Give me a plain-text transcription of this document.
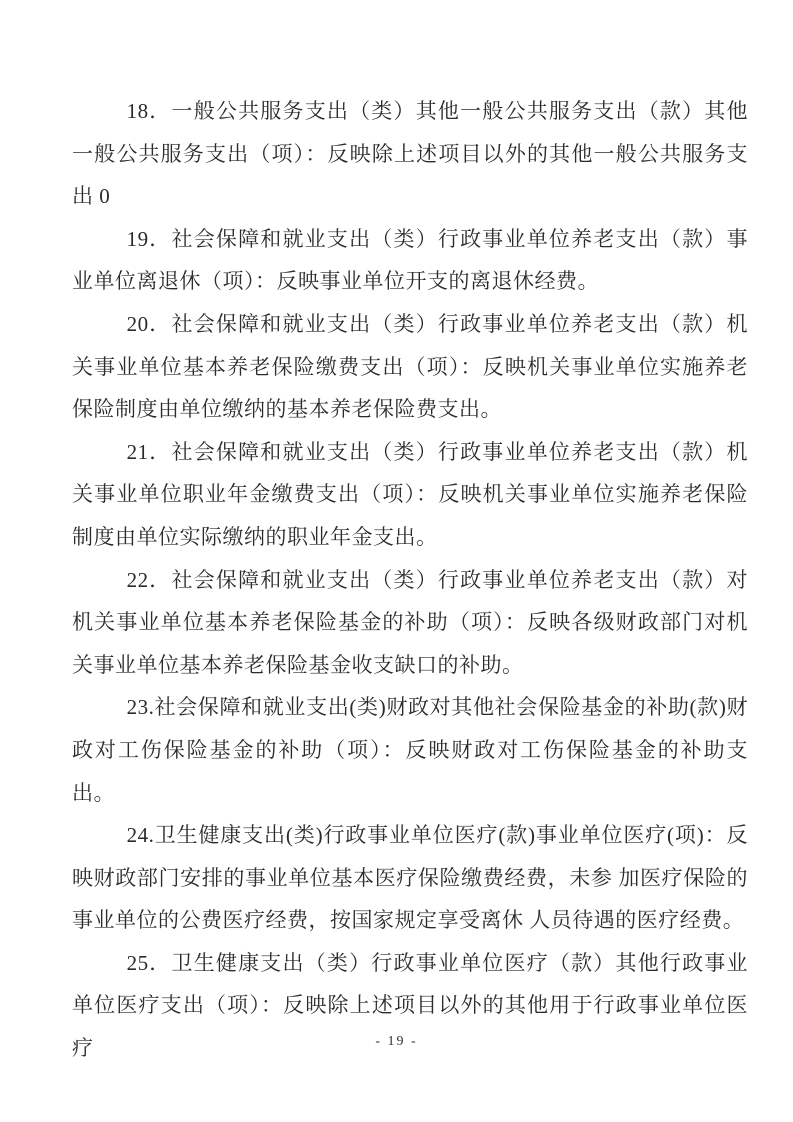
18．一般公共服务支出（类）其他一般公共服务支出（款）其他一般公共服务支出（项）：反映除上述项目以外的其他一般公共服务支出 0

19．社会保障和就业支出（类）行政事业单位养老支出（款）事业单位离退休（项）：反映事业单位开支的离退休经费。

20．社会保障和就业支出（类）行政事业单位养老支出（款）机关事业单位基本养老保险缴费支出（项）：反映机关事业单位实施养老保险制度由单位缴纳的基本养老保险费支出。

21．社会保障和就业支出（类）行政事业单位养老支出（款）机关事业单位职业年金缴费支出（项）：反映机关事业单位实施养老保险制度由单位实际缴纳的职业年金支出。

22．社会保障和就业支出（类）行政事业单位养老支出（款）对机关事业单位基本养老保险基金的补助（项）：反映各级财政部门对机关事业单位基本养老保险基金收支缺口的补助。

23.社会保障和就业支出(类)财政对其他社会保险基金的补助(款)财政对工伤保险基金的补助（项）：反映财政对工伤保险基金的补助支出。

24.卫生健康支出(类)行政事业单位医疗(款)事业单位医疗(项)：反映财政部门安排的事业单位基本医疗保险缴费经费，未参 加医疗保险的事业单位的公费医疗经费，按国家规定享受离休 人员待遇的医疗经费。

25．卫生健康支出（类）行政事业单位医疗（款）其他行政事业单位医疗支出（项）：反映除上述项目以外的其他用于行政事业单位医疗	- 19 -
